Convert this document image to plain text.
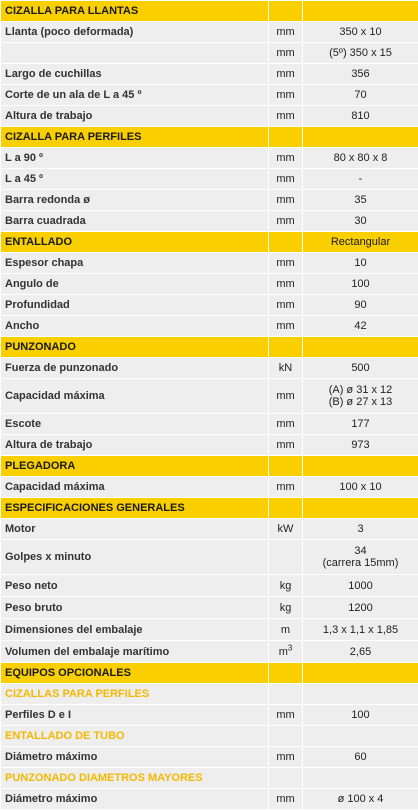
CIZALLA PARA LLANTAS		
Llanta (poco deformada)	mm	350 x 10
	mm	(5º) 350 x 15
Largo de cuchillas	mm	356
Corte de un ala de L a 45 º	mm	70
Altura de trabajo	mm	810
CIZALLA PARA PERFILES		
L a 90 º	mm	80 x 80 x 8
L a 45 º	mm	-
Barra redonda ø	mm	35
Barra cuadrada	mm	30
ENTALLADO		Rectangular
Espesor chapa	mm	10
Angulo de	mm	100
Profundidad	mm	90
Ancho	mm	42
PUNZONADO		
Fuerza de punzonado	kN	500
Capacidad máxima	mm	(A) ø 31 x 12
(B) ø 27 x 13

Escote	mm	177
Altura de trabajo	mm	973
PLEGADORA		
Capacidad máxima	mm	100 x 10
ESPECIFICACIONES GENERALES		
Motor	kW	3
Golpes x minuto		34
(carrera 15mm)

Peso neto	kg	1000
Peso bruto	kg	1200
Dimensiones del embalaje	m	1,3 x 1,1 x 1,85
Volumen del embalaje marítimo	$m^3$	2,65
EQUIPOS OPCIONALES		
CIZALLAS PARA PERFILES		
Perfiles D e I	mm	100
ENTALLADO DE TUBO		
Diámetro máximo	mm	60
PUNZONADO DIAMETROS MAYORES		
Diámetro máximo	mm	ø 100 x 4
